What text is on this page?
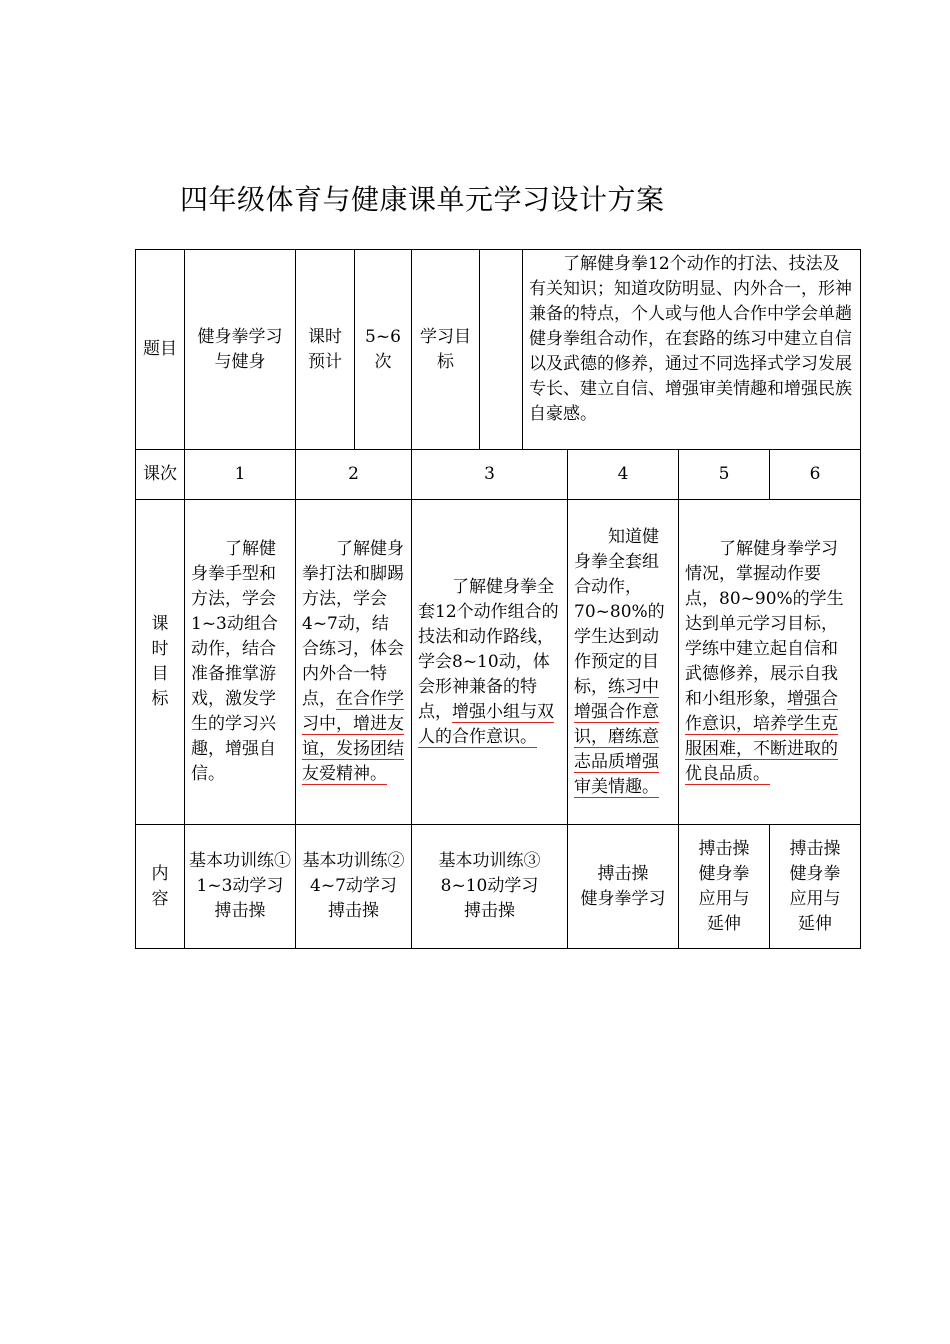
四年级体育与健康课单元学习设计方案
题目	健身拳学习与健身	课时预计	5~6次	学习目标		了解健身拳12个动作的打法、技法及有关知识；知道攻防明显、内外合一，形神兼备的特点，个人或与他人合作中学会单趟健身拳组合动作，在套路的练习中建立自信以及武德的修养，通过不同选择式学习发展专长、建立自信、增强审美情趣和增强民族自豪感。			

课次	1	2		3			4	5	6

课时目标	了解健身拳手型和方法，学会1~3动组合动作，结合准备推掌游戏，激发学生的学习兴趣，增强自信。	了解健身拳打法和脚踢方法，学会4~7动，结合练习，体会内外合一特点，在合作学习中，增进友谊，发扬团结友爱精神。		了解健身拳全套12个动作组合的技法和动作路线，学会8~10动，体会形神兼备的特点，增强小组与双人的合作意识。			知道健身拳全套组合动作，70~80%的学生达到动作预定的目标，练习中增强合作意识，磨练意志品质增强审美情趣。	了解健身拳学习情况，掌握动作要点，80~90%的学生达到单元学习目标，学练中建立起自信和武德修养，展示自我和小组形象，增强合作意识，培养学生克服困难，不断进取的优良品质。	

内容	基本功训练①
1~3动学习
搏击操	基本功训练②
4~7动学习
搏击操		基本功训练③
8~10动学习
搏击操			搏击操
健身拳学习	搏击操
健身拳
应用与
延伸	搏击操
健身拳
应用与
延伸
